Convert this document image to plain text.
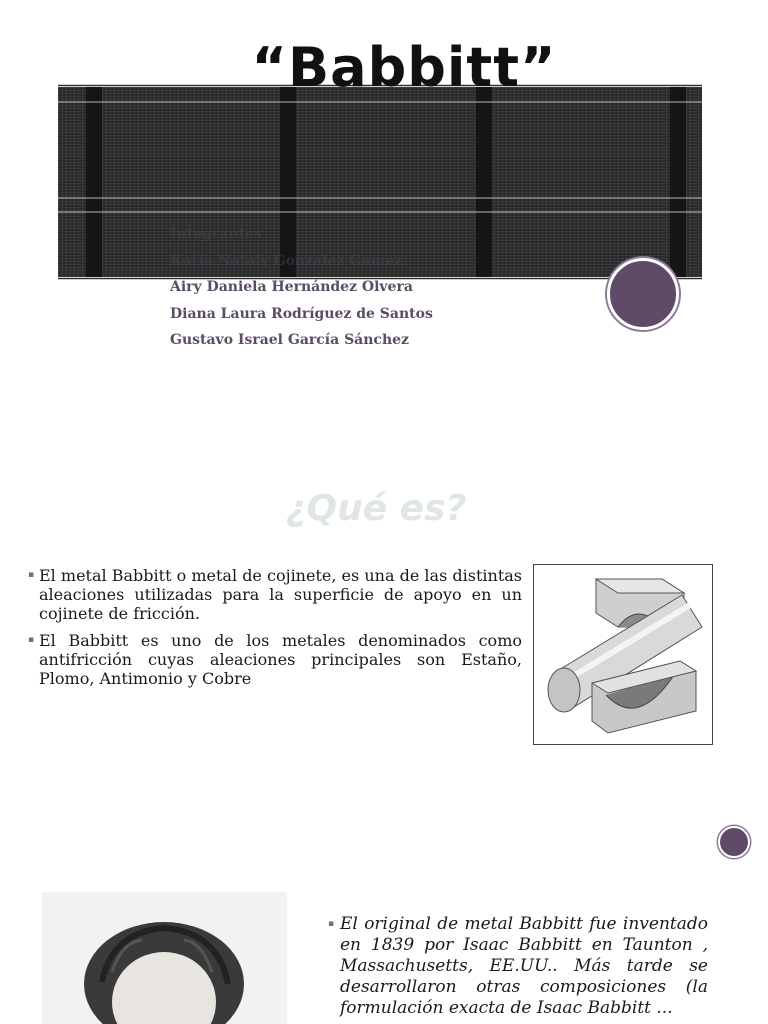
“Babbitt”
Integrantes
Karla Nataly Gonzalez Gomez
Airy Daniela Hernández Olvera
Diana Laura Rodríguez de Santos
Gustavo Israel García Sánchez
¿Qué es?
▪ El metal Babbitt o metal de cojinete, es una de las distintas aleaciones utilizadas para la superficie de apoyo en un cojinete de fricción.
▪ El Babbitt es uno de los metales denominados como antifricción cuyas aleaciones principales son Estaño, Plomo, Antimonio y Cobre
▪ El original de metal Babbitt fue inventado en 1839 por Isaac Babbitt en Taunton , Massachusetts, EE.UU.. Más tarde se desarrollaron otras composiciones (la formulación exacta de Isaac Babbitt ...
